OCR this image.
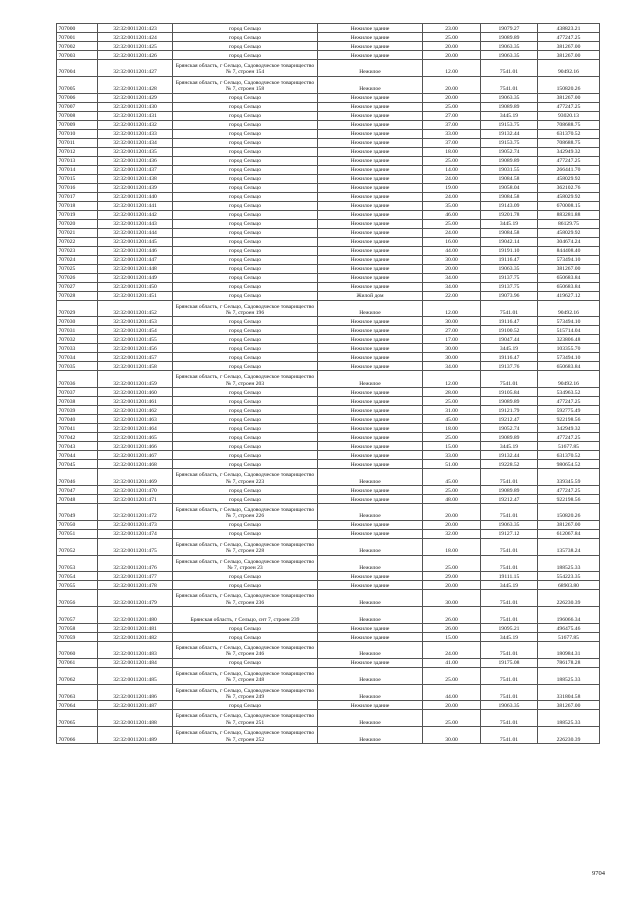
707000	32:32:0011201:423	город Сельцо	Нежилое здание	23.00	19079.27	438823.21
707001	32:32:0011201:424	город Сельцо	Нежилое здание	25.00	19089.89	477247.25
707002	32:32:0011201:425	город Сельцо	Нежилое здание	20.00	19063.35	381267.00
707003	32:32:0011201:426	город Сельцо	Нежилое здание	20.00	19063.35	381267.00
707004	32:32:0011201:427	Брянская область, г Сельцо, Садоводческое товарищество № 7, строен 154	Нежилое	12.00	7541.01	90492.16
707005	32:32:0011201:428	Брянская область, г Сельцо, Садоводческое товарищество № 7, строен 158	Нежилое	20.00	7541.01	150820.26
707006	32:32:0011201:429	город Сельцо	Нежилое здание	20.00	19063.35	381267.00
707007	32:32:0011201:430	город Сельцо	Нежилое здание	25.00	19089.89	477247.25
707008	32:32:0011201:431	город Сельцо	Нежилое здание	27.00	3445.19	93020.13
707009	32:32:0011201:432	город Сельцо	Нежилое здание	37.00	19153.75	708688.75
707010	32:32:0011201:433	город Сельцо	Нежилое здание	33.00	19132.44	631370.52
707011	32:32:0011201:434	город Сельцо	Нежилое здание	37.00	19153.75	708688.75
707012	32:32:0011201:435	город Сельцо	Нежилое здание	18.00	19052.74	342949.32
707013	32:32:0011201:436	город Сельцо	Нежилое здание	25.00	19089.89	477247.25
707014	32:32:0011201:437	город Сельцо	Нежилое здание	14.00	19031.55	266441.70
707015	32:32:0011201:438	город Сельцо	Нежилое здание	24.00	19084.58	458029.92
707016	32:32:0011201:439	город Сельцо	Нежилое здание	19.00	19058.04	362102.76
707017	32:32:0011201:440	город Сельцо	Нежилое здание	24.00	19084.58	458029.92
707018	32:32:0011201:441	город Сельцо	Нежилое здание	35.00	19143.09	670008.15
707019	32:32:0011201:442	город Сельцо	Нежилое здание	46.00	19201.78	883281.88
707020	32:32:0011201:443	город Сельцо	Нежилое здание	25.00	3445.19	86129.75
707021	32:32:0011201:444	город Сельцо	Нежилое здание	24.00	19084.58	458029.92
707022	32:32:0011201:445	город Сельцо	Нежилое здание	16.00	19042.14	304674.24
707023	32:32:0011201:446	город Сельцо	Нежилое здание	44.00	19191.10	844408.40
707024	32:32:0011201:447	город Сельцо	Нежилое здание	30.00	19116.47	573494.10
707025	32:32:0011201:448	город Сельцо	Нежилое здание	20.00	19063.35	381267.00
707026	32:32:0011201:449	город Сельцо	Нежилое здание	34.00	19137.75	650683.84
707027	32:32:0011201:450	город Сельцо	Нежилое здание	34.00	19137.75	650683.84
707028	32:32:0011201:451	город Сельцо	Жилой дом	22.00	19073.96	419627.12
707029	32:32:0011201:452	Брянская область, г Сельцо, Садоводческое товарищество № 7, строен 196	Нежилое	12.00	7541.01	90492.16
707030	32:32:0011201:453	город Сельцо	Нежилое здание	30.00	19116.47	573494.10
707031	32:32:0011201:454	город Сельцо	Нежилое здание	27.00	19100.52	515714.04
707032	32:32:0011201:455	город Сельцо	Нежилое здание	17.00	19047.44	323806.48
707033	32:32:0011201:456	город Сельцо	Нежилое здание	30.00	3445.19	103355.70
707034	32:32:0011201:457	город Сельцо	Нежилое здание	30.00	19116.47	573494.10
707035	32:32:0011201:458	город Сельцо	Нежилое здание	34.00	19137.76	650683.84
707036	32:32:0011201:459	Брянская область, г Сельцо, Садоводческое товарищество № 7, строен 203	Нежилое	12.00	7541.01	90492.16
707037	32:32:0011201:460	город Сельцо	Нежилое здание	28.00	19105.84	534963.52
707038	32:32:0011201:461	город Сельцо	Нежилое здание	25.00	19089.89	477247.25
707039	32:32:0011201:462	город Сельцо	Нежилое здание	31.00	19121.79	592775.49
707040	32:32:0011201:463	город Сельцо	Нежилое здание	45.00	19212.47	922198.56
707041	32:32:0011201:464	город Сельцо	Нежилое здание	18.00	19052.74	342949.32
707042	32:32:0011201:465	город Сельцо	Нежилое здание	25.00	19089.89	477247.25
707043	32:32:0011201:466	город Сельцо	Нежилое здание	15.00	3445.19	51677.85
707044	32:32:0011201:467	город Сельцо	Нежилое здание	33.00	19132.44	631370.52
707045	32:32:0011201:468	город Сельцо	Нежилое здание	51.00	19228.52	980654.52
707046	32:32:0011201:469	Брянская область, г Сельцо, Садоводческое товарищество № 7, строен 223	Нежилое	45.00	7541.01	339345.59
707047	32:32:0011201:470	город Сельцо	Нежилое здание	25.00	19089.89	477247.25
707048	32:32:0011201:471	город Сельцо	Нежилое здание	48.00	19212.47	922198.56
707049	32:32:0011201:472	Брянская область, г Сельцо, Садоводческое товарищество № 7, строен 226	Нежилое	20.00	7541.01	150820.26
707050	32:32:0011201:473	город Сельцо	Нежилое здание	20.00	19063.35	381267.00
707051	32:32:0011201:474	город Сельцо	Нежилое здание	32.00	19127.12	612067.84
707052	32:32:0011201:475	Брянская область, г Сельцо, Садоводческое товарищество № 7, строен 228	Нежилое	18.00	7541.01	135738.24
707053	32:32:0011201:476	Брянская область, г Сельцо, Садоводческое товарищество № 7, строен 23	Нежилое	25.00	7541.01	188525.33
707054	32:32:0011201:477	город Сельцо	Нежилое здание	29.00	19111.15	554223.35
707055	32:32:0011201:478	город Сельцо	Нежилое здание	20.00	3445.19	68903.80
707056	32:32:0011201:479	Брянская область, г Сельцо, Садоводческое товарищество № 7, строен 236	Нежилое	30.00	7541.01	226230.39
707057	32:32:0011201:480	Брянская область, г Сельцо, снт 7, строен 239	Нежилое	26.00	7541.01	196066.34
707058	32:32:0011201:481	город Сельцо	Нежилое здание	26.00	19095.21	496475.46
707059	32:32:0011201:482	город Сельцо	Нежилое здание	15.00	3445.19	51677.85
707060	32:32:0011201:483	Брянская область, г Сельцо, Садоводческое товарищество № 7, строен 246	Нежилое	24.00	7541.01	180984.31
707061	32:32:0011201:484	город Сельцо	Нежилое здание	41.00	19175.08	786178.28
707062	32:32:0011201:485	Брянская область, г Сельцо, Садоводческое товарищество № 7, строен 248	Нежилое	25.00	7541.01	188525.33
707063	32:32:0011201:486	Брянская область, г Сельцо, Садоводческое товарищество № 7, строен 249	Нежилое	44.00	7541.01	331804.58
707064	32:32:0011201:487	город Сельцо	Нежилое здание	20.00	19063.35	381267.00
707065	32:32:0011201:488	Брянская область, г Сельцо, Садоводческое товарищество № 7, строен 251	Нежилое	25.00	7541.01	188525.33
707066	32:32:0011201:489	Брянская область, г Сельцо, Садоводческое товарищество № 7, строен 252	Нежилое	30.00	7541.01	226230.39
9704
